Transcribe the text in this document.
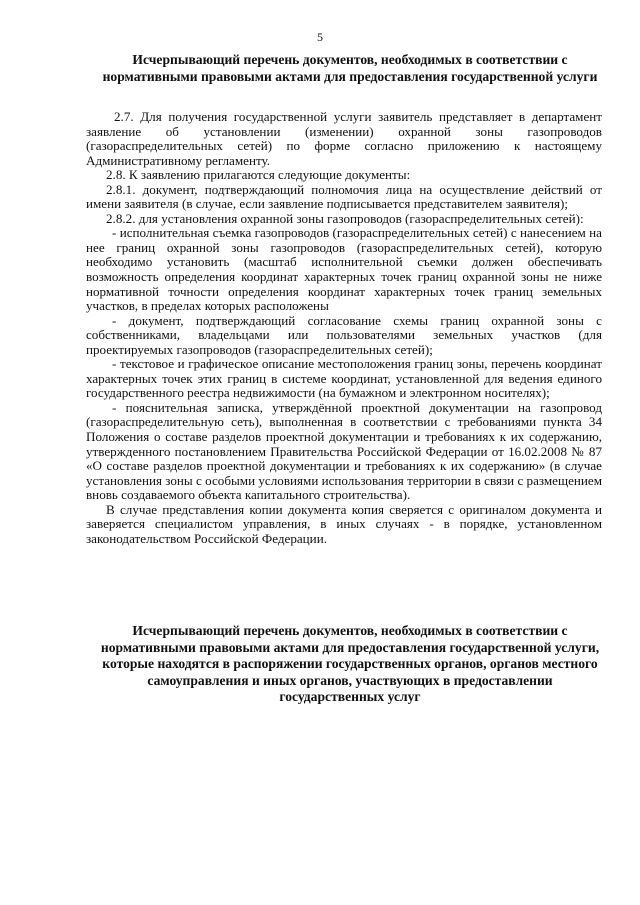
5
Исчерпывающий перечень документов, необходимых в соответствии с нормативными правовыми актами для предоставления государственной услуги

2.7. Для получения государственной услуги заявитель представляет в департамент заявление об установлении (изменении) охранной зоны газопроводов (газораспределительных сетей) по форме согласно приложению к настоящему Административному регламенту.

2.8. К заявлению прилагаются следующие документы:

2.8.1. документ, подтверждающий полномочия лица на осуществление действий от имени заявителя (в случае, если заявление подписывается представителем заявителя);

2.8.2. для установления охранной зоны газопроводов (газораспределительных сетей):

- исполнительная съемка газопроводов (газораспределительных сетей) с нанесением на нее границ охранной зоны газопроводов (газораспределительных сетей), которую необходимо установить (масштаб исполнительной съемки должен обеспечивать возможность определения координат характерных точек границ охранной зоны не ниже нормативной точности определения координат характерных точек границ земельных участков, в пределах которых расположены

- документ, подтверждающий согласование схемы границ охранной зоны с собственниками, владельцами или пользователями земельных участков (для проектируемых газопроводов (газораспределительных сетей);

- текстовое и графическое описание местоположения границ зоны, перечень координат характерных точек этих границ в системе координат, установленной для ведения единого государственного реестра недвижимости (на бумажном и электронном носителях);

- пояснительная записка, утверждённой проектной документации на газопровод (газораспределительную сеть), выполненная в соответствии с требованиями пункта 34 Положения о составе разделов проектной документации и требованиях к их содержанию, утвержденного постановлением Правительства Российской Федерации от 16.02.2008 № 87 «О составе разделов проектной документации и требованиях к их содержанию» (в случае установления зоны с особыми условиями использования территории в связи с размещением вновь создаваемого объекта капитального строительства).

В случае представления копии документа копия сверяется с оригиналом документа и заверяется специалистом управления, в иных случаях - в порядке, установленном законодательством Российской Федерации.

Исчерпывающий перечень документов, необходимых в соответствии с нормативными правовыми актами для предоставления государственной услуги, которые находятся в распоряжении государственных органов, органов местного самоуправления и иных органов, участвующих в предоставлении государственных услуг
